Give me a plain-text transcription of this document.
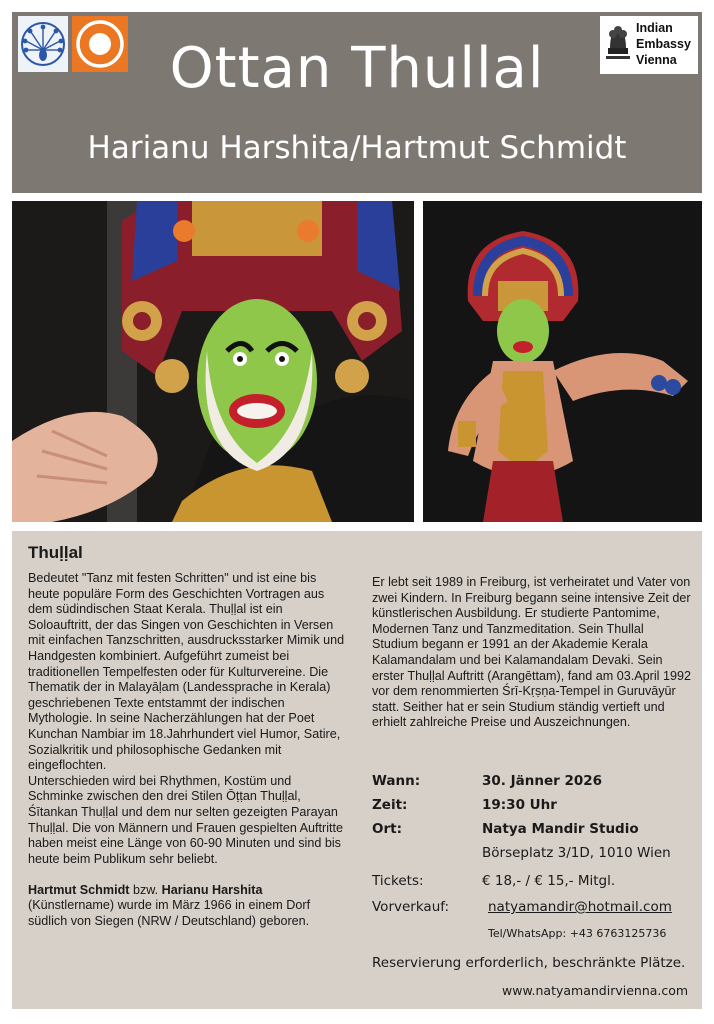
Indian
Embassy
Vienna
Ottan Thullal
Harianu Harshita/Hartmut Schmidt
Thuḷḷal

Bedeutet "Tanz mit festen Schritten" und ist eine bis heute populäre Form des Geschichten Vortragen aus dem südindischen Staat Kerala. Thuḷḷal ist ein Soloauftritt, der das Singen von Geschichten in Versen mit einfachen Tanzschritten, ausdrucksstarker Mimik und Handgesten kombiniert. Aufgeführt zumeist bei traditionellen Tempelfesten oder für Kulturvereine. Die Thematik der in Malayāḷam (Landessprache in Kerala) geschriebenen Texte entstammt der indischen Mythologie. In seine Nacherzählungen hat der Poet Kunchan Nambiar im 18.Jahrhundert viel Humor, Satire, Sozialkritik und philosophische Gedanken mit eingeflochten.

Unterschieden wird bei Rhythmen, Kostüm und Schminke zwischen den drei Stilen Ōṭṭan Thuḷḷal, Śītankan Thuḷḷal und dem nur selten gezeigten Parayan Thuḷḷal. Die von Männern und Frauen gespielten Auftritte haben meist eine Länge von 60-90 Minuten und sind bis heute beim Publikum sehr beliebt.

Hartmut Schmidt bzw. Harianu Harshita (Künstlername) wurde im März 1966 in einem Dorf südlich von Siegen (NRW / Deutschland) geboren.

Er lebt seit 1989 in Freiburg, ist verheiratet und Vater von zwei Kindern. In Freiburg begann seine intensive Zeit der künstlerischen Ausbildung. Er studierte Pantomime, Modernen Tanz und Tanzmeditation. Sein Thullal Studium begann er 1991 an der Akademie Kerala Kalamandalam und bei Kalamandalam Devaki. Sein erster Thuḷḷal Auftritt (Arangēttam), fand am 03.April 1992 vor dem renommierten Śrī-Kṛṣṇa-Tempel in Guruvāyūr statt. Seither hat er sein Studium ständig vertieft und erhielt zahlreiche Preise und Auszeichnungen.

Wann:	30. Jänner 2026
Zeit:	19:30 Uhr
Ort:	Natya Mandir Studio
Börseplatz 3/1D, 1010 Wien
Tickets:	€ 18,- / € 15,- Mitgl.
Vorverkauf:	natyamandir@hotmail.com
Tel/WhatsApp: +43 6763125736
Reservierung erforderlich, beschränkte Plätze.
www.natyamandirvienna.com
